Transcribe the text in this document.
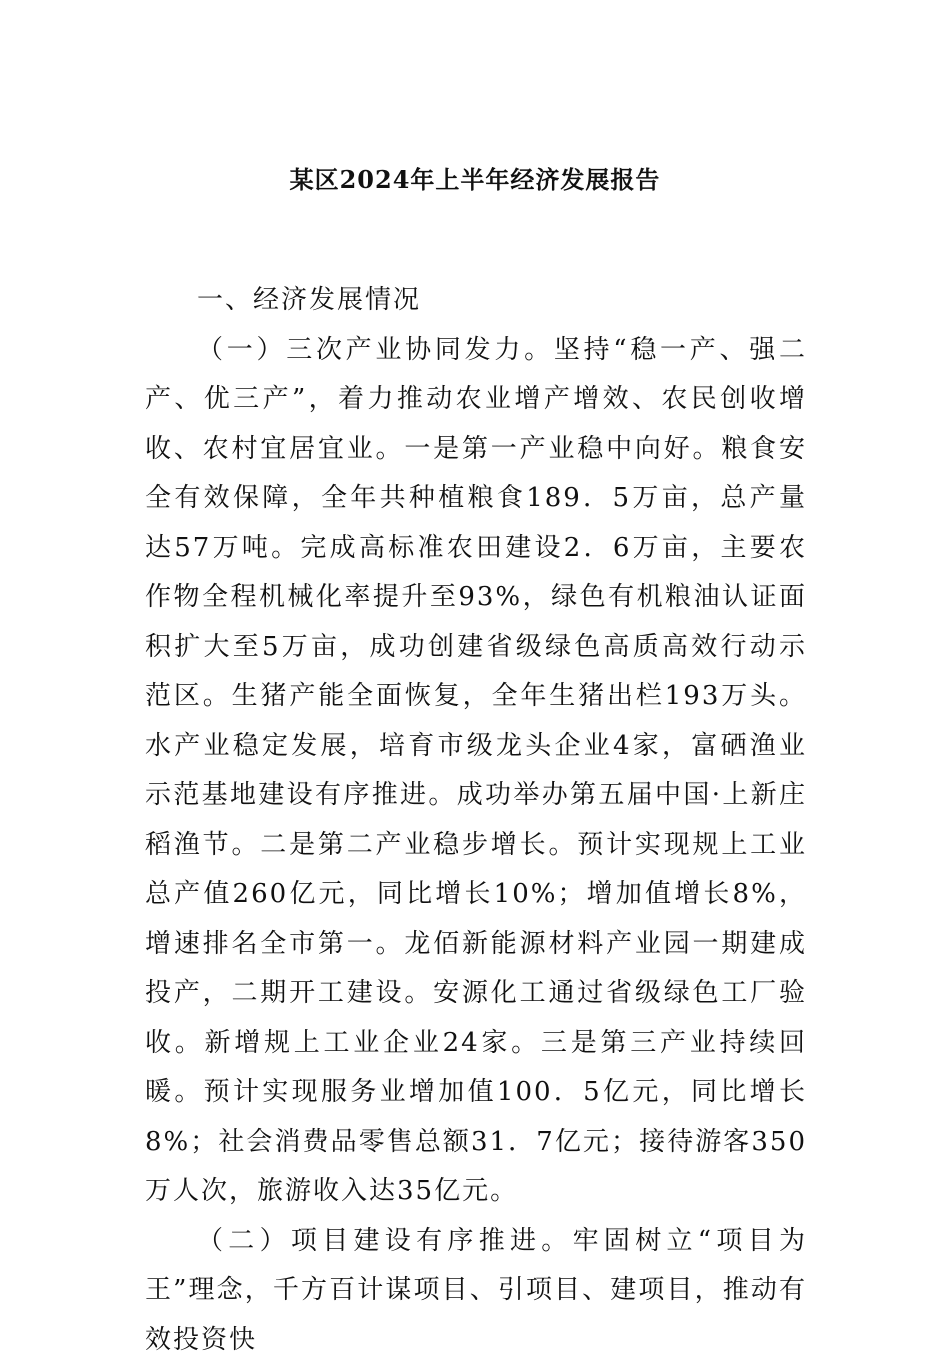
某区2024年上半年经济发展报告

一、经济发展情况

（一）三次产业协同发力。坚持“稳一产、强二产、优三产”，着力推动农业增产增效、农民创收增收、农村宜居宜业。一是第一产业稳中向好。粮食安全有效保障，全年共种植粮食189．5万亩，总产量达57万吨。完成高标准农田建设2．6万亩，主要农作物全程机械化率提升至93%，绿色有机粮油认证面积扩大至5万亩，成功创建省级绿色高质高效行动示范区。生猪产能全面恢复，全年生猪出栏193万头。水产业稳定发展，培育市级龙头企业4家，富硒渔业示范基地建设有序推进。成功举办第五届中国·上新庄稻渔节。二是第二产业稳步增长。预计实现规上工业总产值260亿元，同比增长10%；增加值增长8%，增速排名全市第一。龙佰新能源材料产业园一期建成投产，二期开工建设。安源化工通过省级绿色工厂验收。新增规上工业企业24家。三是第三产业持续回暖。预计实现服务业增加值100．5亿元，同比增长8%；社会消费品零售总额31．7亿元；接待游客350万人次，旅游收入达35亿元。

（二）项目建设有序推进。牢固树立“项目为王”理念，千方百计谋项目、引项目、建项目，推动有效投资快
